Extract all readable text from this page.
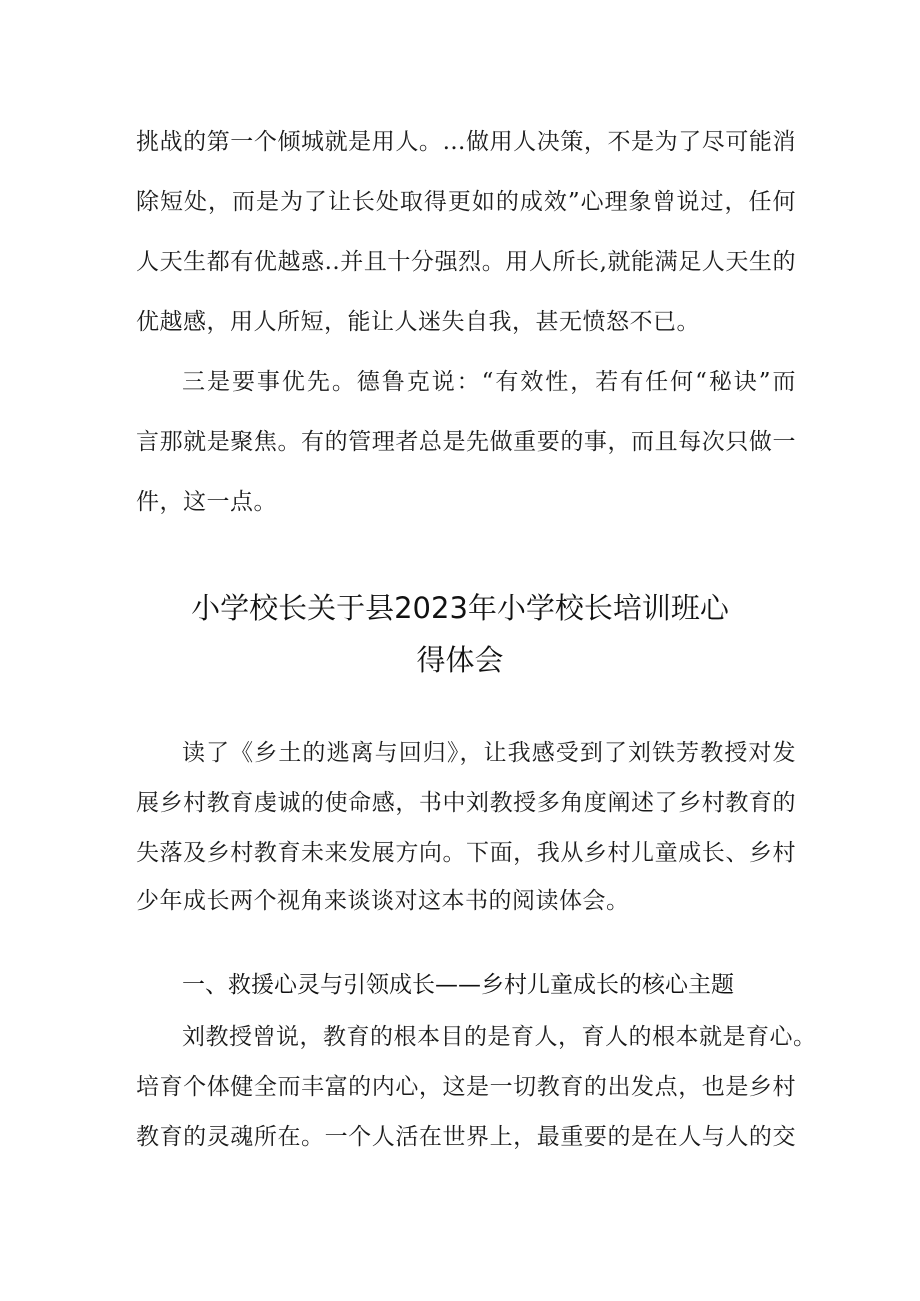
挑战的第一个倾城就是用人。…做用人决策，不是为了尽可能消
除短处，而是为了让长处取得更如的成效”心理象曾说过，任何
人天生都有优越惑..并且十分强烈。用人所长,就能满足人天生的
优越感，用人所短，能让人迷失自我，甚无愤怒不已。
三是要事优先。德鲁克说：“有效性，若有任何“秘诀”而
言那就是聚焦。有的管理者总是先做重要的事，而且每次只做一
件，这一点。
小学校长关于县2023年小学校长培训班心
得体会
读了《乡土的逃离与回归》，让我感受到了刘铁芳教授对发
展乡村教育虔诚的使命感，书中刘教授多角度阐述了乡村教育的
失落及乡村教育未来发展方向。下面，我从乡村儿童成长、乡村
少年成长两个视角来谈谈对这本书的阅读体会。
一、救援心灵与引领成长——乡村儿童成长的核心主题
刘教授曾说，教育的根本目的是育人，育人的根本就是育心。
培育个体健全而丰富的内心，这是一切教育的出发点，也是乡村
教育的灵魂所在。一个人活在世界上，最重要的是在人与人的交
